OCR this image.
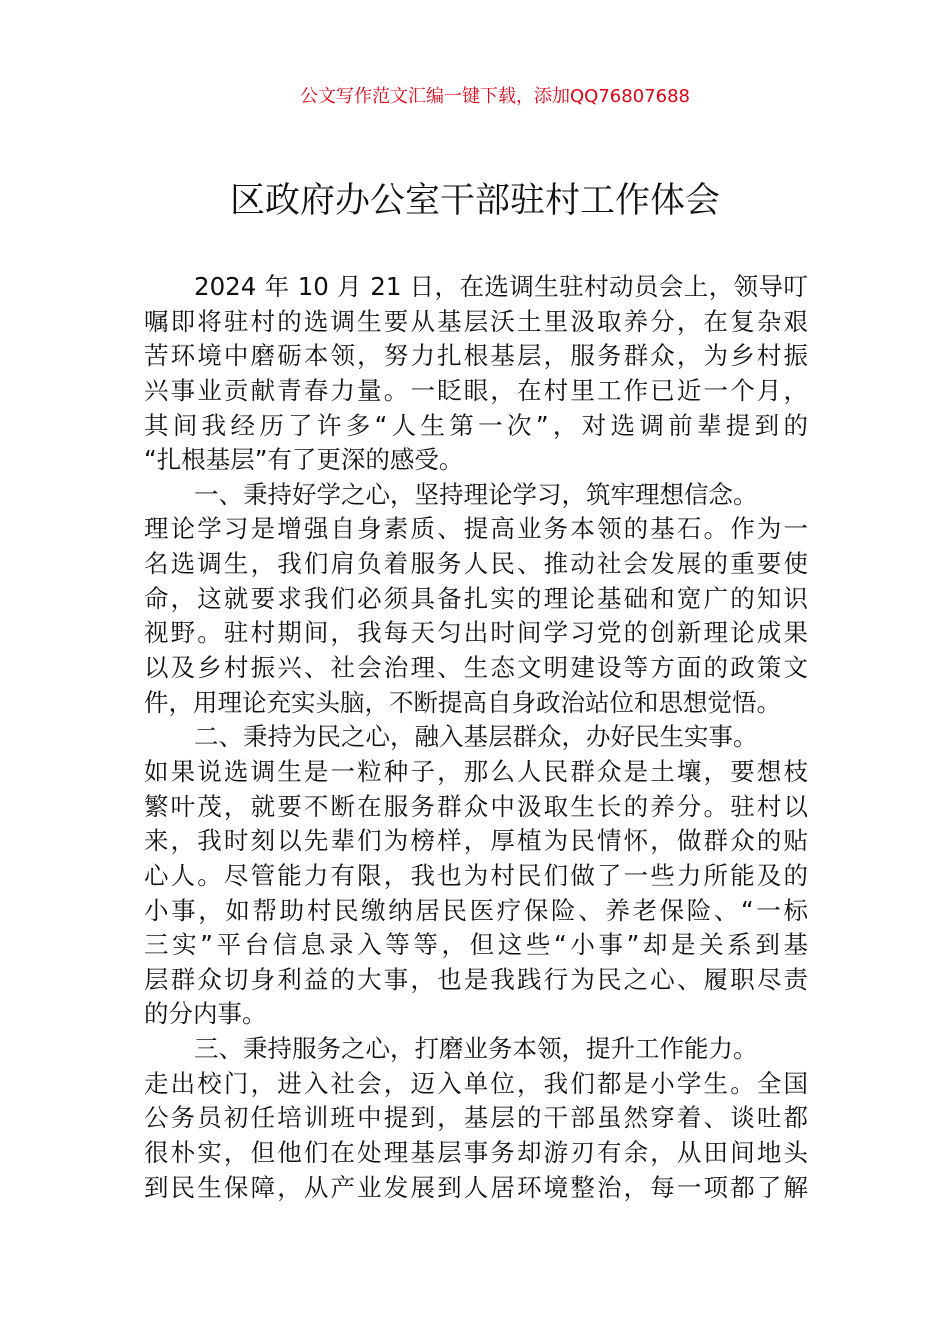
公文写作范文汇编一键下载，添加QQ76807688
区政府办公室干部驻村工作体会
2024 年 10 月 21 日，在选调生驻村动员会上，领导叮
嘱即将驻村的选调生要从基层沃土里汲取养分，在复杂艰
苦环境中磨砺本领，努力扎根基层，服务群众，为乡村振
兴事业贡献青春力量。一眨眼，在村里工作已近一个月，
其间我经历了许多“人生第一次”，对选调前辈提到的
“扎根基层”有了更深的感受。
一、秉持好学之心，坚持理论学习，筑牢理想信念。
理论学习是增强自身素质、提高业务本领的基石。作为一
名选调生，我们肩负着服务人民、推动社会发展的重要使
命，这就要求我们必须具备扎实的理论基础和宽广的知识
视野。驻村期间，我每天匀出时间学习党的创新理论成果
以及乡村振兴、社会治理、生态文明建设等方面的政策文
件，用理论充实头脑，不断提高自身政治站位和思想觉悟。
二、秉持为民之心，融入基层群众，办好民生实事。
如果说选调生是一粒种子，那么人民群众是土壤，要想枝
繁叶茂，就要不断在服务群众中汲取生长的养分。驻村以
来，我时刻以先辈们为榜样，厚植为民情怀，做群众的贴
心人。尽管能力有限，我也为村民们做了一些力所能及的
小事，如帮助村民缴纳居民医疗保险、养老保险、“一标
三实”平台信息录入等等，但这些“小事”却是关系到基
层群众切身利益的大事，也是我践行为民之心、履职尽责
的分内事。
三、秉持服务之心，打磨业务本领，提升工作能力。
走出校门，进入社会，迈入单位，我们都是小学生。全国
公务员初任培训班中提到，基层的干部虽然穿着、谈吐都
很朴实，但他们在处理基层事务却游刃有余，从田间地头
到民生保障，从产业发展到人居环境整治，每一项都了解
